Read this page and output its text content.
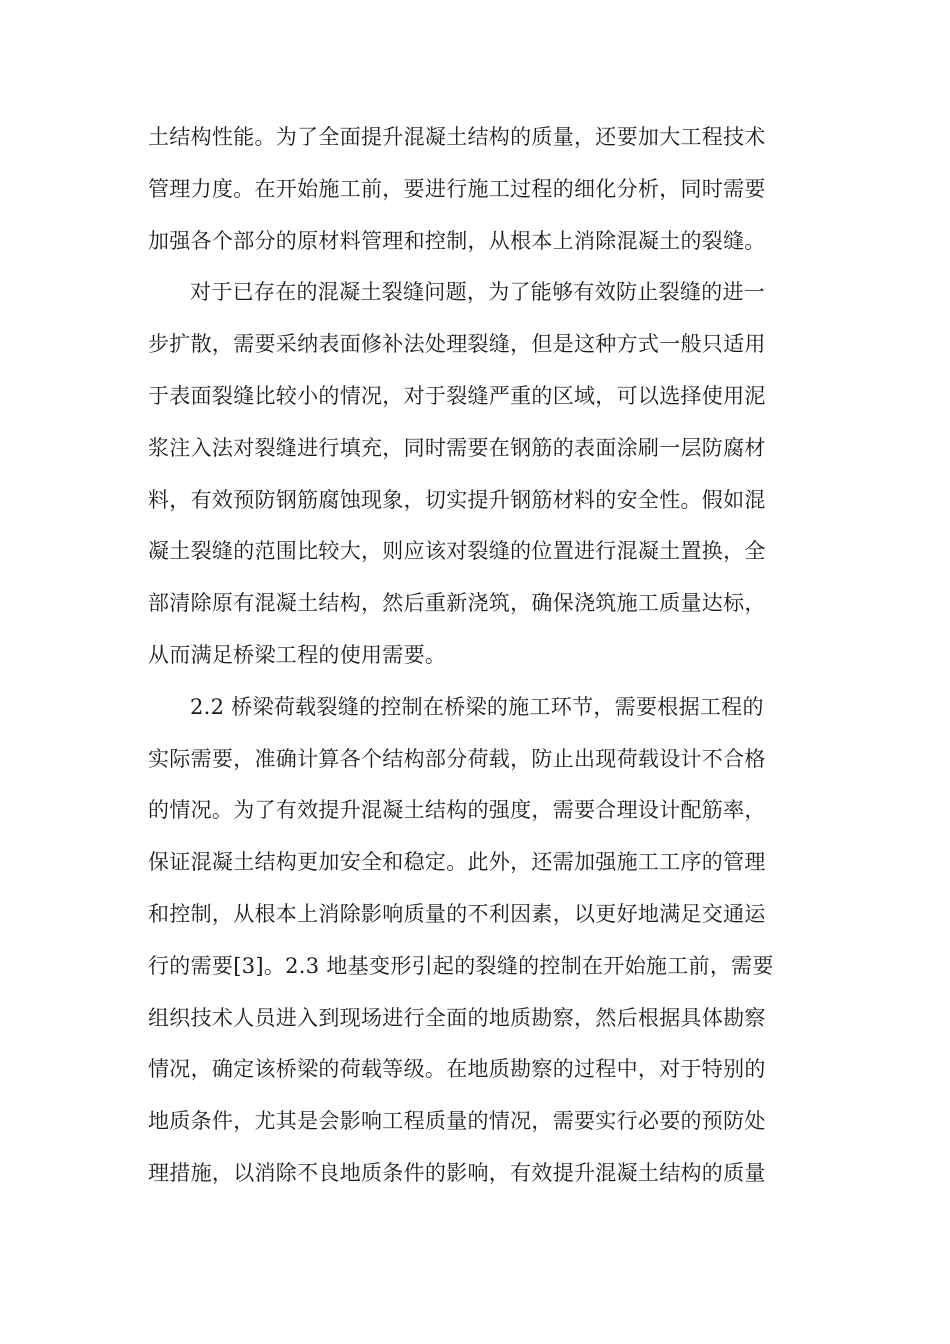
土结构性能。为了全面提升混凝土结构的质量，还要加大工程技术
管理力度。在开始施工前，要进行施工过程的细化分析，同时需要
加强各个部分的原材料管理和控制，从根本上消除混凝土的裂缝。
对于已存在的混凝土裂缝问题，为了能够有效防止裂缝的进一
步扩散，需要采纳表面修补法处理裂缝，但是这种方式一般只适用
于表面裂缝比较小的情况，对于裂缝严重的区域，可以选择使用泥
浆注入法对裂缝进行填充，同时需要在钢筋的表面涂刷一层防腐材
料，有效预防钢筋腐蚀现象，切实提升钢筋材料的安全性。假如混
凝土裂缝的范围比较大，则应该对裂缝的位置进行混凝土置换，全
部清除原有混凝土结构，然后重新浇筑，确保浇筑施工质量达标，
从而满足桥梁工程的使用需要。
2.2 桥梁荷载裂缝的控制在桥梁的施工环节，需要根据工程的
实际需要，准确计算各个结构部分荷载，防止出现荷载设计不合格
的情况。为了有效提升混凝土结构的强度，需要合理设计配筋率，
保证混凝土结构更加安全和稳定。此外，还需加强施工工序的管理
和控制，从根本上消除影响质量的不利因素，以更好地满足交通运
行的需要[3]。2.3 地基变形引起的裂缝的控制在开始施工前，需要
组织技术人员进入到现场进行全面的地质勘察，然后根据具体勘察
情况，确定该桥梁的荷载等级。在地质勘察的过程中，对于特别的
地质条件，尤其是会影响工程质量的情况，需要实行必要的预防处
理措施，以消除不良地质条件的影响，有效提升混凝土结构的质量
